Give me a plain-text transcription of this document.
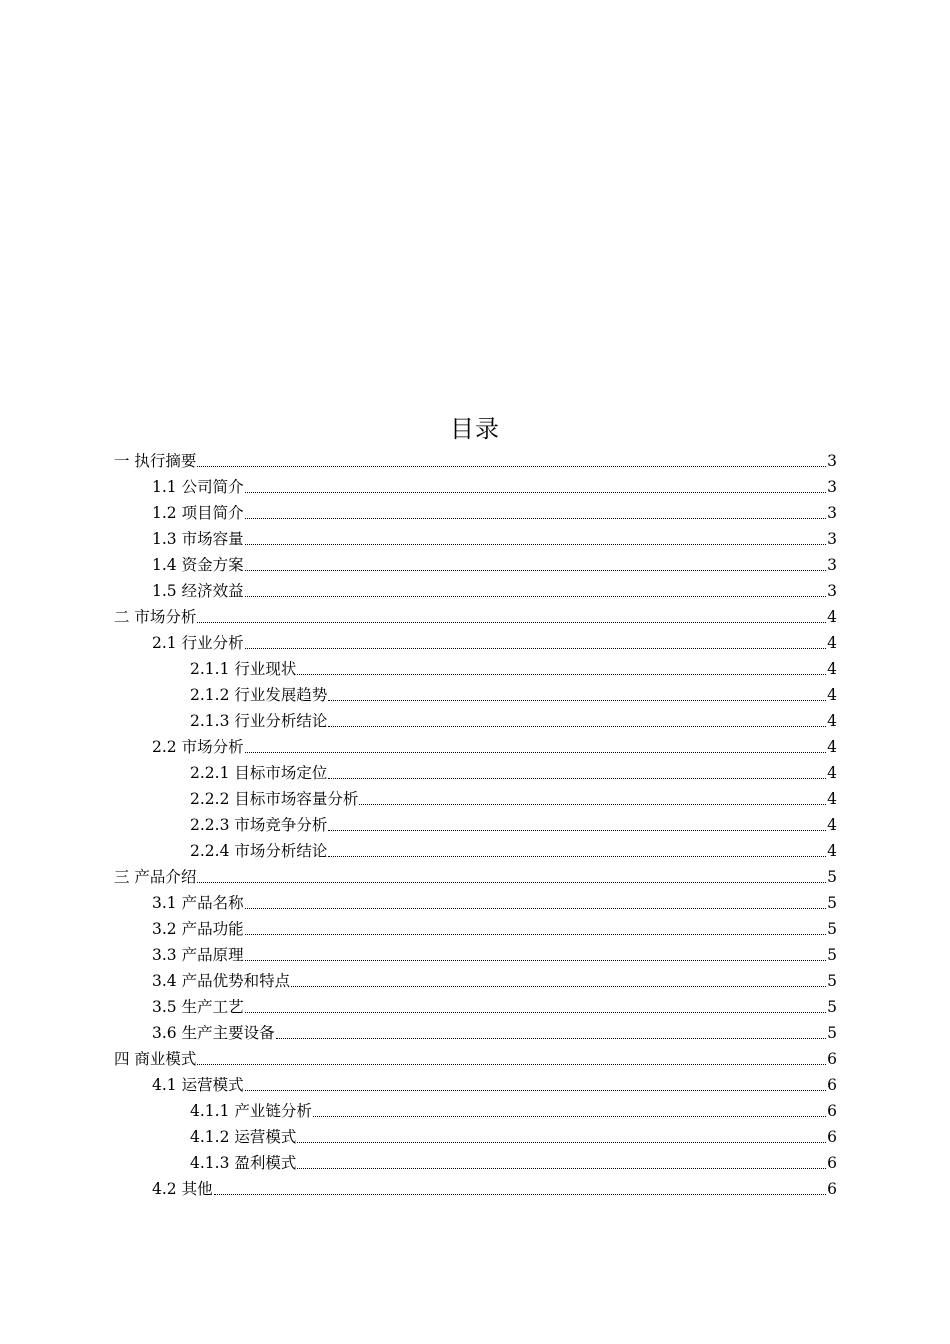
目录
一 执行摘要	3
1.1 公司简介	3
1.2 项目简介	3
1.3 市场容量	3
1.4 资金方案	3
1.5 经济效益	3
二 市场分析	4
2.1 行业分析	4
2.1.1 行业现状	4
2.1.2 行业发展趋势	4
2.1.3 行业分析结论	4
2.2 市场分析	4
2.2.1 目标市场定位	4
2.2.2 目标市场容量分析	4
2.2.3 市场竞争分析	4
2.2.4 市场分析结论	4
三 产品介绍	5
3.1 产品名称	5
3.2 产品功能	5
3.3 产品原理	5
3.4 产品优势和特点	5
3.5 生产工艺	5
3.6 生产主要设备	5
四 商业模式	6
4.1 运营模式	6
4.1.1 产业链分析	6
4.1.2 运营模式	6
4.1.3 盈利模式	6
4.2 其他	6
